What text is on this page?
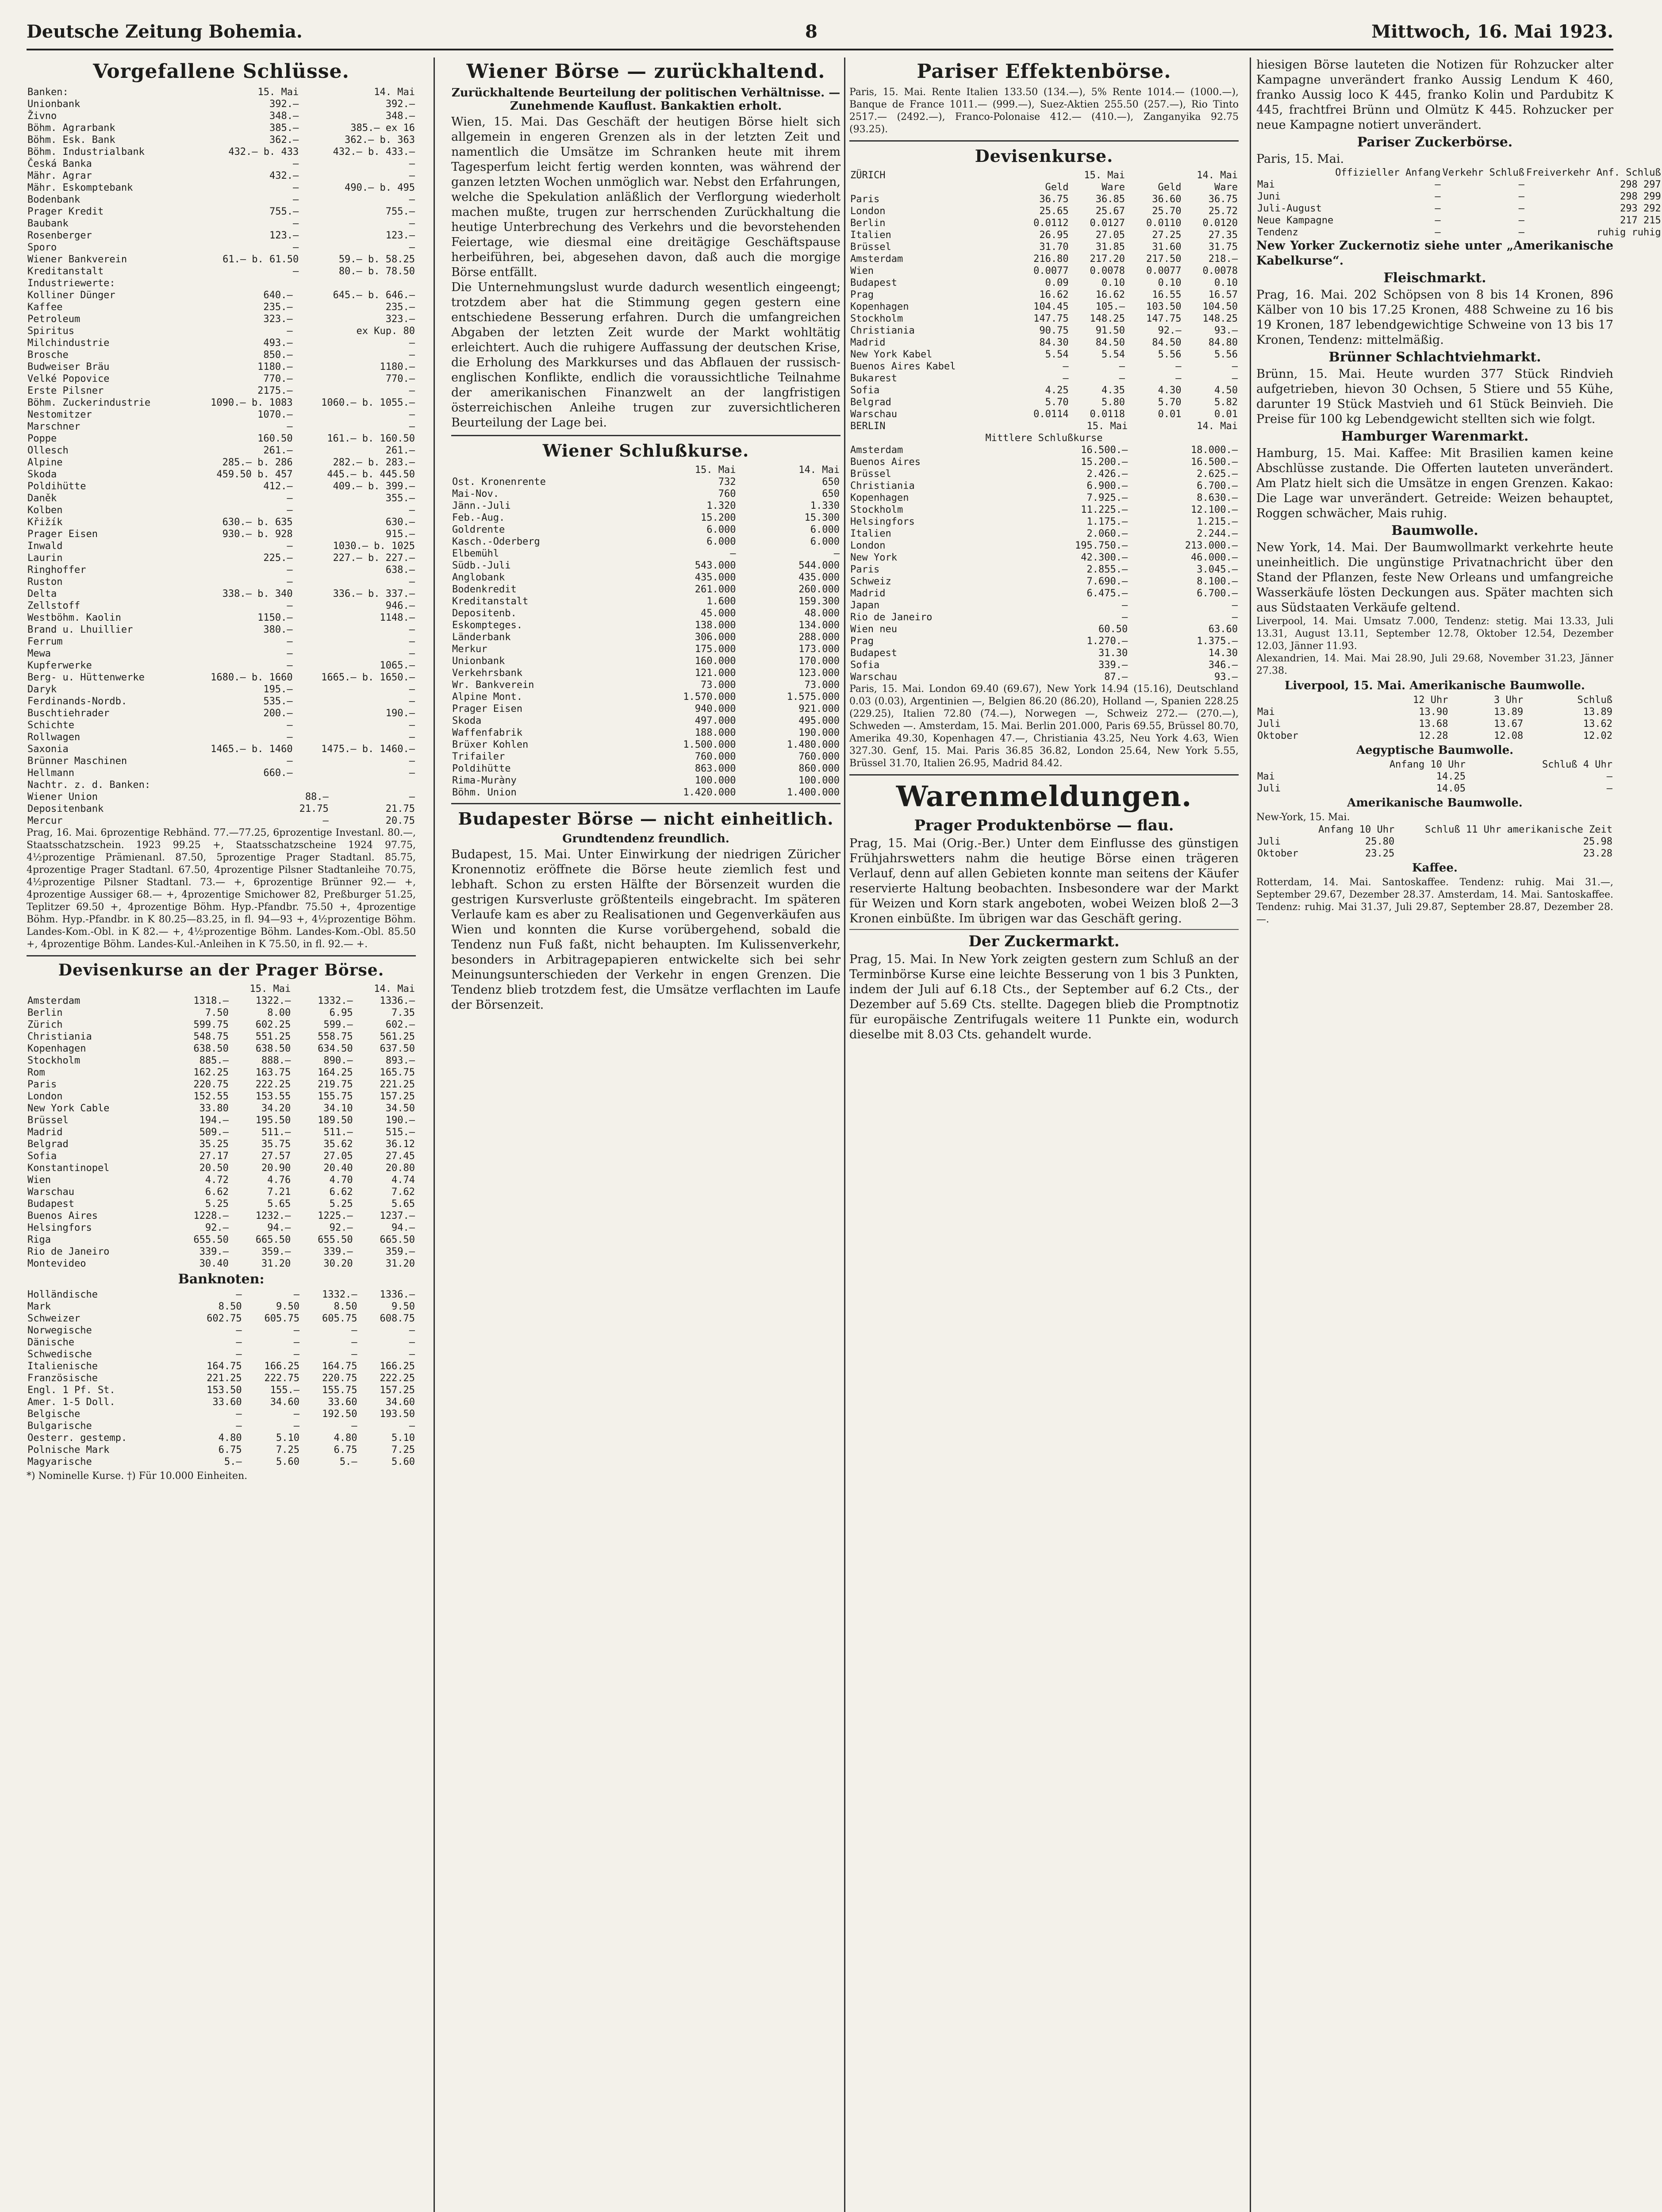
Deutsche Zeitung Bohemia.	8	Mittwoch, 16. Mai 1923.
Vorgefallene Schlüsse.
Banken:	15. Mai	14. Mai
Unionbank	392.—	392.—
Živno	348.—	348.—
Böhm. Agrarbank	385.—	385.— ex 16
Böhm. Esk. Bank	362.—	362.— b. 363
Böhm. Industrialbank	432.— b. 433	432.— b. 433.—
Česká Banka	—	—
Mähr. Agrar	432.—	—
Mähr. Eskomptebank	—	490.— b. 495
Bodenbank	—	—
Prager Kredit	755.—	755.—
Baubank	—	—
Rosenberger	123.—	123.—
Sporo	—	—
Wiener Bankverein	61.— b. 61.50	59.— b. 58.25
Kreditanstalt	—	80.— b. 78.50
Industriewerte:		
Kolliner Dünger	640.—	645.— b. 646.—
Kaffee	235.—	235.—
Petroleum	323.—	323.—
Spiritus	—	ex Kup. 80
Milchindustrie	493.—	—
Brosche	850.—	—
Budweiser Bräu	1180.—	1180.—
Velké Popovice	770.—	770.—
Erste Pilsner	2175.—	—
Böhm. Zuckerindustrie	1090.— b. 1083	1060.— b. 1055.—
Nestomitzer	1070.—	—
Marschner	—	—
Poppe	160.50	161.— b. 160.50
Ollesch	261.—	261.—
Alpine	285.— b. 286	282.— b. 283.—
Skoda	459.50 b. 457	445.— b. 445.50
Poldihütte	412.—	409.— b. 399.—
Daněk	—	355.—
Kolben	—	—
Křižík	630.— b. 635	630.—
Prager Eisen	930.— b. 928	915.—
Inwald	—	1030.— b. 1025
Laurin	225.—	227.— b. 227.—
Ringhoffer	—	638.—
Ruston	—	—
Delta	338.— b. 340	336.— b. 337.—
Zellstoff	—	946.—
Westböhm. Kaolin	1150.—	1148.—
Brand u. Lhuillier	380.—	—
Ferrum	—	—
Mewa	—	—
Kupferwerke	—	1065.—
Berg- u. Hüttenwerke	1680.— b. 1660	1665.— b. 1650.—
Daryk	195.—	—
Ferdinands-Nordb.	535.—	—
Buschtiehrader	200.—	190.—
Schichte	—	—
Rollwagen	—	—
Saxonia	1465.— b. 1460	1475.— b. 1460.—
Brünner Maschinen	—	—
Hellmann	660.—	—
Nachtr. z. d. Banken:		
Wiener Union	88.—	—
Depositenbank	21.75	21.75
Mercur	—	20.75

Prag, 16. Mai. 6prozentige Rebhänd. 77.—77.25, 6prozentige Investanl. 80.—, Staatsschatzschein. 1923 99.25 +, Staatsschatzscheine 1924 97.75, 4½prozentige Prämienanl. 87.50, 5prozentige Prager Stadtanl. 85.75, 4prozentige Prager Stadtanl. 67.50, 4prozentige Pilsner Stadtanleihe 70.75, 4½prozentige Pilsner Stadtanl. 73.— +, 6prozentige Brünner 92.— +, 4prozentige Aussiger 68.— +, 4prozentige Smichower 82, Preßburger 51.25, Teplitzer 69.50 +, 4prozentige Böhm. Hyp.-Pfandbr. 75.50 +, 4prozentige Böhm. Hyp.-Pfandbr. in K 80.25—83.25, in fl. 94—93 +, 4½prozentige Böhm. Landes-Kom.-Obl. in K 82.— +, 4½prozentige Böhm. Landes-Kom.-Obl. 85.50 +, 4prozentige Böhm. Landes-Kul.-Anleihen in K 75.50, in fl. 92.— +.

Devisenkurse an der Prager Börse.
	15. Mai		14. Mai	
Amsterdam	1318.—	1322.—	1332.—	1336.—
Berlin	7.50	8.00	6.95	7.35
Zürich	599.75	602.25	599.—	602.—
Christiania	548.75	551.25	558.75	561.25
Kopenhagen	638.50	638.50	634.50	637.50
Stockholm	885.—	888.—	890.—	893.—
Rom	162.25	163.75	164.25	165.75
Paris	220.75	222.25	219.75	221.25
London	152.55	153.55	155.75	157.25
New York Cable	33.80	34.20	34.10	34.50
Brüssel	194.—	195.50	189.50	190.—
Madrid	509.—	511.—	511.—	515.—
Belgrad	35.25	35.75	35.62	36.12
Sofia	27.17	27.57	27.05	27.45
Konstantinopel	20.50	20.90	20.40	20.80
Wien	4.72	4.76	4.70	4.74
Warschau	6.62	7.21	6.62	7.62
Budapest	5.25	5.65	5.25	5.65
Buenos Aires	1228.—	1232.—	1225.—	1237.—
Helsingfors	92.—	94.—	92.—	94.—
Riga	655.50	665.50	655.50	665.50
Rio de Janeiro	339.—	359.—	339.—	359.—
Montevideo	30.40	31.20	30.20	31.20
Banknoten:
Holländische	—	—	1332.—	1336.—
Mark	8.50	9.50	8.50	9.50
Schweizer	602.75	605.75	605.75	608.75
Norwegische	—	—	—	—
Dänische	—	—	—	—
Schwedische	—	—	—	—
Italienische	164.75	166.25	164.75	166.25
Französische	221.25	222.75	220.75	222.25
Engl. 1 Pf. St.	153.50	155.—	155.75	157.25
Amer. 1-5 Doll.	33.60	34.60	33.60	34.60
Belgische	—	—	192.50	193.50
Bulgarische	—	—	—	—
Oesterr. gestemp.	4.80	5.10	4.80	5.10
Polnische Mark	6.75	7.25	6.75	7.25
Magyarische	5.—	5.60	5.—	5.60
*) Nominelle Kurse. †) Für 10.000 Einheiten.
Wiener Börse — zurückhaltend.
Zurückhaltende Beurteilung der politischen Verhältnisse. — Zunehmende Kauflust. Bankaktien erholt.

Wien, 15. Mai. Das Geschäft der heutigen Börse hielt sich allgemein in engeren Grenzen als in der letzten Zeit und namentlich die Umsätze im Schranken heute mit ihrem Tagesperfum leicht fertig werden konnten, was während der ganzen letzten Wochen unmöglich war. Nebst den Erfahrungen, welche die Spekulation anläßlich der Verflorgung wiederholt machen mußte, trugen zur herrschenden Zurückhaltung die heutige Unterbrechung des Verkehrs und die bevorstehenden Feiertage, wie diesmal eine dreitägige Geschäftspause herbeiführen, bei, abgesehen davon, daß auch die morgige Börse entfällt.

Die Unternehmungslust wurde dadurch wesentlich eingeengt; trotzdem aber hat die Stimmung gegen gestern eine entschiedene Besserung erfahren. Durch die umfangreichen Abgaben der letzten Zeit wurde der Markt wohltätig erleichtert. Auch die ruhigere Auffassung der deutschen Krise, die Erholung des Markkurses und das Abflauen der russisch-englischen Konflikte, endlich die voraussichtliche Teilnahme der amerikanischen Finanzwelt an der langfristigen österreichischen Anleihe trugen zur zuversichtlicheren Beurteilung der Lage bei.

Wiener Schlußkurse.
	15. Mai	14. Mai
Ost. Kronenrente	732	650
Mai-Nov.	760	650
Jänn.-Juli	1.320	1.330
Feb.-Aug.	15.200	15.300
Goldrente	6.000	6.000
Kasch.-Oderberg	6.000	6.000
Elbemühl	—	—
Südb.-Juli	543.000	544.000
Anglobank	435.000	435.000
Bodenkredit	261.000	260.000
Kreditanstalt	1.600	159.300
Depositenb.	45.000	48.000
Eskompteges.	138.000	134.000
Länderbank	306.000	288.000
Merkur	175.000	173.000
Unionbank	160.000	170.000
Verkehrsbank	121.000	123.000
Wr. Bankverein	73.000	73.000
Alpine Mont.	1.570.000	1.575.000
Prager Eisen	940.000	921.000
Skoda	497.000	495.000
Waffenfabrik	188.000	190.000
Brüxer Kohlen	1.500.000	1.480.000
Trifailer	760.000	760.000
Poldihütte	863.000	860.000
Rima-Muràny	100.000	100.000
Böhm. Union	1.420.000	1.400.000
Budapester Börse — nicht einheitlich.
Grundtendenz freundlich.

Budapest, 15. Mai. Unter Einwirkung der niedrigen Züricher Kronennotiz eröffnete die Börse heute ziemlich fest und lebhaft. Schon zu ersten Hälfte der Börsenzeit wurden die gestrigen Kursverluste größtenteils eingebracht. Im späteren Verlaufe kam es aber zu Realisationen und Gegenverkäufen aus Wien und konnten die Kurse vorübergehend, sobald die Tendenz nun Fuß faßt, nicht behaupten. Im Kulissenverkehr, besonders in Arbitragepapieren entwickelte sich bei sehr Meinungsunterschieden der Verkehr in engen Grenzen. Die Tendenz blieb trotzdem fest, die Umsätze verflachten im Laufe der Börsenzeit.

Pariser Effektenbörse.

Paris, 15. Mai. Rente Italien 133.50 (134.—), 5% Rente 1014.— (1000.—), Banque de France 1011.— (999.—), Suez-Aktien 255.50 (257.—), Rio Tinto 2517.— (2492.—), Franco-Polonaise 412.— (410.—), Zanganyika 92.75 (93.25).

Devisenkurse.
ZÜRICH	15. Mai		14. Mai	
	Geld	Ware	Geld	Ware
Paris	36.75	36.85	36.60	36.75
London	25.65	25.67	25.70	25.72
Berlin	0.0112	0.0127	0.0110	0.0120
Italien	26.95	27.05	27.25	27.35
Brüssel	31.70	31.85	31.60	31.75
Amsterdam	216.80	217.20	217.50	218.—
Wien	0.0077	0.0078	0.0077	0.0078
Budapest	0.09	0.10	0.10	0.10
Prag	16.62	16.62	16.55	16.57
Kopenhagen	104.45	105.—	103.50	104.50
Stockholm	147.75	148.25	147.75	148.25
Christiania	90.75	91.50	92.—	93.—
Madrid	84.30	84.50	84.50	84.80
New York Kabel	5.54	5.54	5.56	5.56
Buenos Aires Kabel	—	—	—	—
Bukarest	—	—	—	—
Sofia	4.25	4.35	4.30	4.50
Belgrad	5.70	5.80	5.70	5.82
Warschau	0.0114	0.0118	0.01	0.01
BERLIN	15. Mai	14. Mai
Mittlere Schlußkurse		
Amsterdam	16.500.—	18.000.—
Buenos Aires	15.200.—	16.500.—
Brüssel	2.426.—	2.625.—
Christiania	6.900.—	6.700.—
Kopenhagen	7.925.—	8.630.—
Stockholm	11.225.—	12.100.—
Helsingfors	1.175.—	1.215.—
Italien	2.060.—	2.244.—
London	195.750.—	213.000.—
New York	42.300.—	46.000.—
Paris	2.855.—	3.045.—
Schweiz	7.690.—	8.100.—
Madrid	6.475.—	6.700.—
Japan	—	—
Rio de Janeiro	—	—
Wien neu	60.50	63.60
Prag	1.270.—	1.375.—
Budapest	31.30	14.30
Sofia	339.—	346.—
Warschau	87.—	93.—

Paris, 15. Mai. London 69.40 (69.67), New York 14.94 (15.16), Deutschland 0.03 (0.03), Argentinien —, Belgien 86.20 (86.20), Holland —, Spanien 228.25 (229.25), Italien 72.80 (74.—), Norwegen —, Schweiz 272.— (270.—), Schweden —. Amsterdam, 15. Mai. Berlin 201.000, Paris 69.55, Brüssel 80.70, Amerika 49.30, Kopenhagen 47.—, Christiania 43.25, Neu York 4.63, Wien 327.30. Genf, 15. Mai. Paris 36.85 36.82, London 25.64, New York 5.55, Brüssel 31.70, Italien 26.95, Madrid 84.42.

Warenmeldungen.
Prager Produktenbörse — flau.

Prag, 15. Mai (Orig.-Ber.) Unter dem Einflusse des günstigen Frühjahrswetters nahm die heutige Börse einen trägeren Verlauf, denn auf allen Gebieten konnte man seitens der Käufer reservierte Haltung beobachten. Insbesondere war der Markt für Weizen und Korn stark angeboten, wobei Weizen bloß 2—3 Kronen einbüßte. Im übrigen war das Geschäft gering.

Der Zuckermarkt.

Prag, 15. Mai. In New York zeigten gestern zum Schluß an der Terminbörse Kurse eine leichte Besserung von 1 bis 3 Punkten, indem der Juli auf 6.18 Cts., der September auf 6.2 Cts., der Dezember auf 5.69 Cts. stellte. Dagegen blieb die Promptnotiz für europäische Zentrifugals weitere 11 Punkte ein, wodurch dieselbe mit 8.03 Cts. gehandelt wurde.

hiesigen Börse lauteten die Notizen für Rohzucker alter Kampagne unverändert franko Aussig Lendum K 460, franko Aussig loco K 445, franko Kolin und Pardubitz K 445, frachtfrei Brünn und Olmütz K 445. Rohzucker per neue Kampagne notiert unverändert.

Pariser Zuckerbörse.

Paris, 15. Mai.

	Offizieller Anfang	Verkehr Schluß	Freiverkehr Anf. Schluß
Mai	—	—	298 297
Juni	—	—	298 299
Juli-August	—	—	293 292
Neue Kampagne	—	—	217 215
Tendenz	—	—	ruhig ruhig

New Yorker Zuckernotiz siehe unter „Amerikanische Kabelkurse“.

Fleischmarkt.

Prag, 16. Mai. 202 Schöpsen von 8 bis 14 Kronen, 896 Kälber von 10 bis 17.25 Kronen, 488 Schweine zu 16 bis 19 Kronen, 187 lebendgewichtige Schweine von 13 bis 17 Kronen, Tendenz: mittelmäßig.

Brünner Schlachtviehmarkt.

Brünn, 15. Mai. Heute wurden 377 Stück Rindvieh aufgetrieben, hievon 30 Ochsen, 5 Stiere und 55 Kühe, darunter 19 Stück Mastvieh und 61 Stück Beinvieh. Die Preise für 100 kg Lebendgewicht stellten sich wie folgt.

Hamburger Warenmarkt.

Hamburg, 15. Mai. Kaffee: Mit Brasilien kamen keine Abschlüsse zustande. Die Offerten lauteten unverändert. Am Platz hielt sich die Umsätze in engen Grenzen. Kakao: Die Lage war unverändert. Getreide: Weizen behauptet, Roggen schwächer, Mais ruhig.

Baumwolle.

New York, 14. Mai. Der Baumwollmarkt verkehrte heute uneinheitlich. Die ungünstige Privatnachricht über den Stand der Pflanzen, feste New Orleans und umfangreiche Wasserkäufe lösten Deckungen aus. Später machten sich aus Südstaaten Verkäufe geltend.

Liverpool, 14. Mai. Umsatz 7.000, Tendenz: stetig. Mai 13.33, Juli 13.31, August 13.11, September 12.78, Oktober 12.54, Dezember 12.03, Jänner 11.93.

Alexandrien, 14. Mai. Mai 28.90, Juli 29.68, November 31.23, Jänner 27.38.

Liverpool, 15. Mai. Amerikanische Baumwolle.
	12 Uhr	3 Uhr	Schluß
Mai	13.90	13.89	13.89
Juli	13.68	13.67	13.62
Oktober	12.28	12.08	12.02
Aegyptische Baumwolle.
	Anfang 10 Uhr	Schluß 4 Uhr
Mai	14.25	—
Juli	14.05	—
Amerikanische Baumwolle.

New-York, 15. Mai.

	Anfang 10 Uhr	Schluß 11 Uhr amerikanische Zeit
Juli	25.80	25.98
Oktober	23.25	23.28
Kaffee.

Rotterdam, 14. Mai. Santoskaffee. Tendenz: ruhig. Mai 31.—, September 29.67, Dezember 28.37. Amsterdam, 14. Mai. Santoskaffee. Tendenz: ruhig. Mai 31.37, Juli 29.87, September 28.87, Dezember 28.—.
